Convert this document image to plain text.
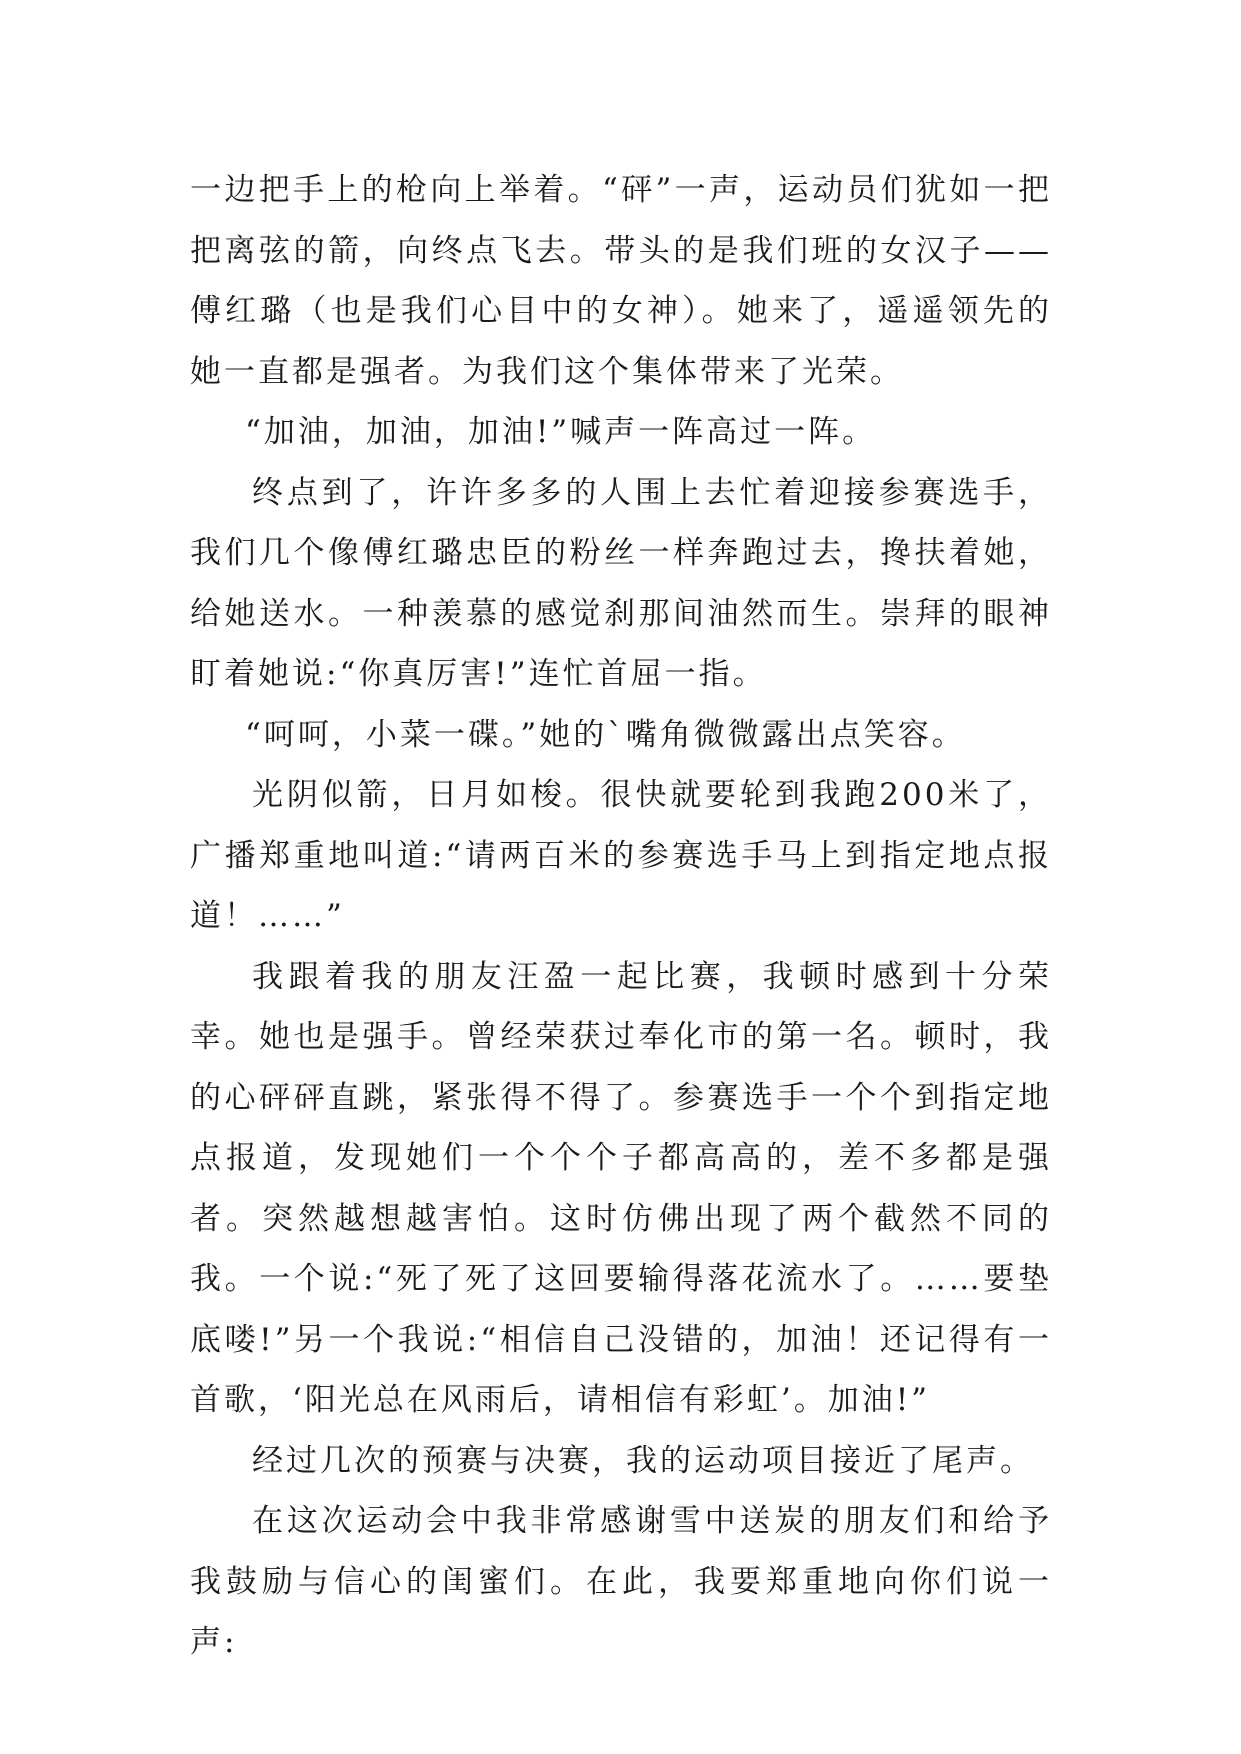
一边把手上的枪向上举着。“砰”一声，运动员们犹如一把把离弦的箭，向终点飞去。带头的是我们班的女汉子——傅红璐（也是我们心目中的女神）。她来了，遥遥领先的她一直都是强者。为我们这个集体带来了光荣。

“加油，加油，加油!”喊声一阵高过一阵。

终点到了，许许多多的人围上去忙着迎接参赛选手，我们几个像傅红璐忠臣的粉丝一样奔跑过去，搀扶着她，给她送水。一种羡慕的感觉刹那间油然而生。崇拜的眼神盯着她说:“你真厉害!”连忙首屈一指。

“呵呵，小菜一碟。”她的`嘴角微微露出点笑容。

光阴似箭，日月如梭。很快就要轮到我跑200米了，广播郑重地叫道:“请两百米的参赛选手马上到指定地点报道！……”

我跟着我的朋友汪盈一起比赛，我顿时感到十分荣幸。她也是强手。曾经荣获过奉化市的第一名。顿时，我的心砰砰直跳，紧张得不得了。参赛选手一个个到指定地点报道，发现她们一个个个子都高高的，差不多都是强者。突然越想越害怕。这时仿佛出现了两个截然不同的我。一个说:“死了死了这回要输得落花流水了。……要垫底喽!”另一个我说:“相信自己没错的，加油！还记得有一首歌，‘阳光总在风雨后，请相信有彩虹’。加油!”

经过几次的预赛与决赛，我的运动项目接近了尾声。

在这次运动会中我非常感谢雪中送炭的朋友们和给予我鼓励与信心的闺蜜们。在此，我要郑重地向你们说一声:
